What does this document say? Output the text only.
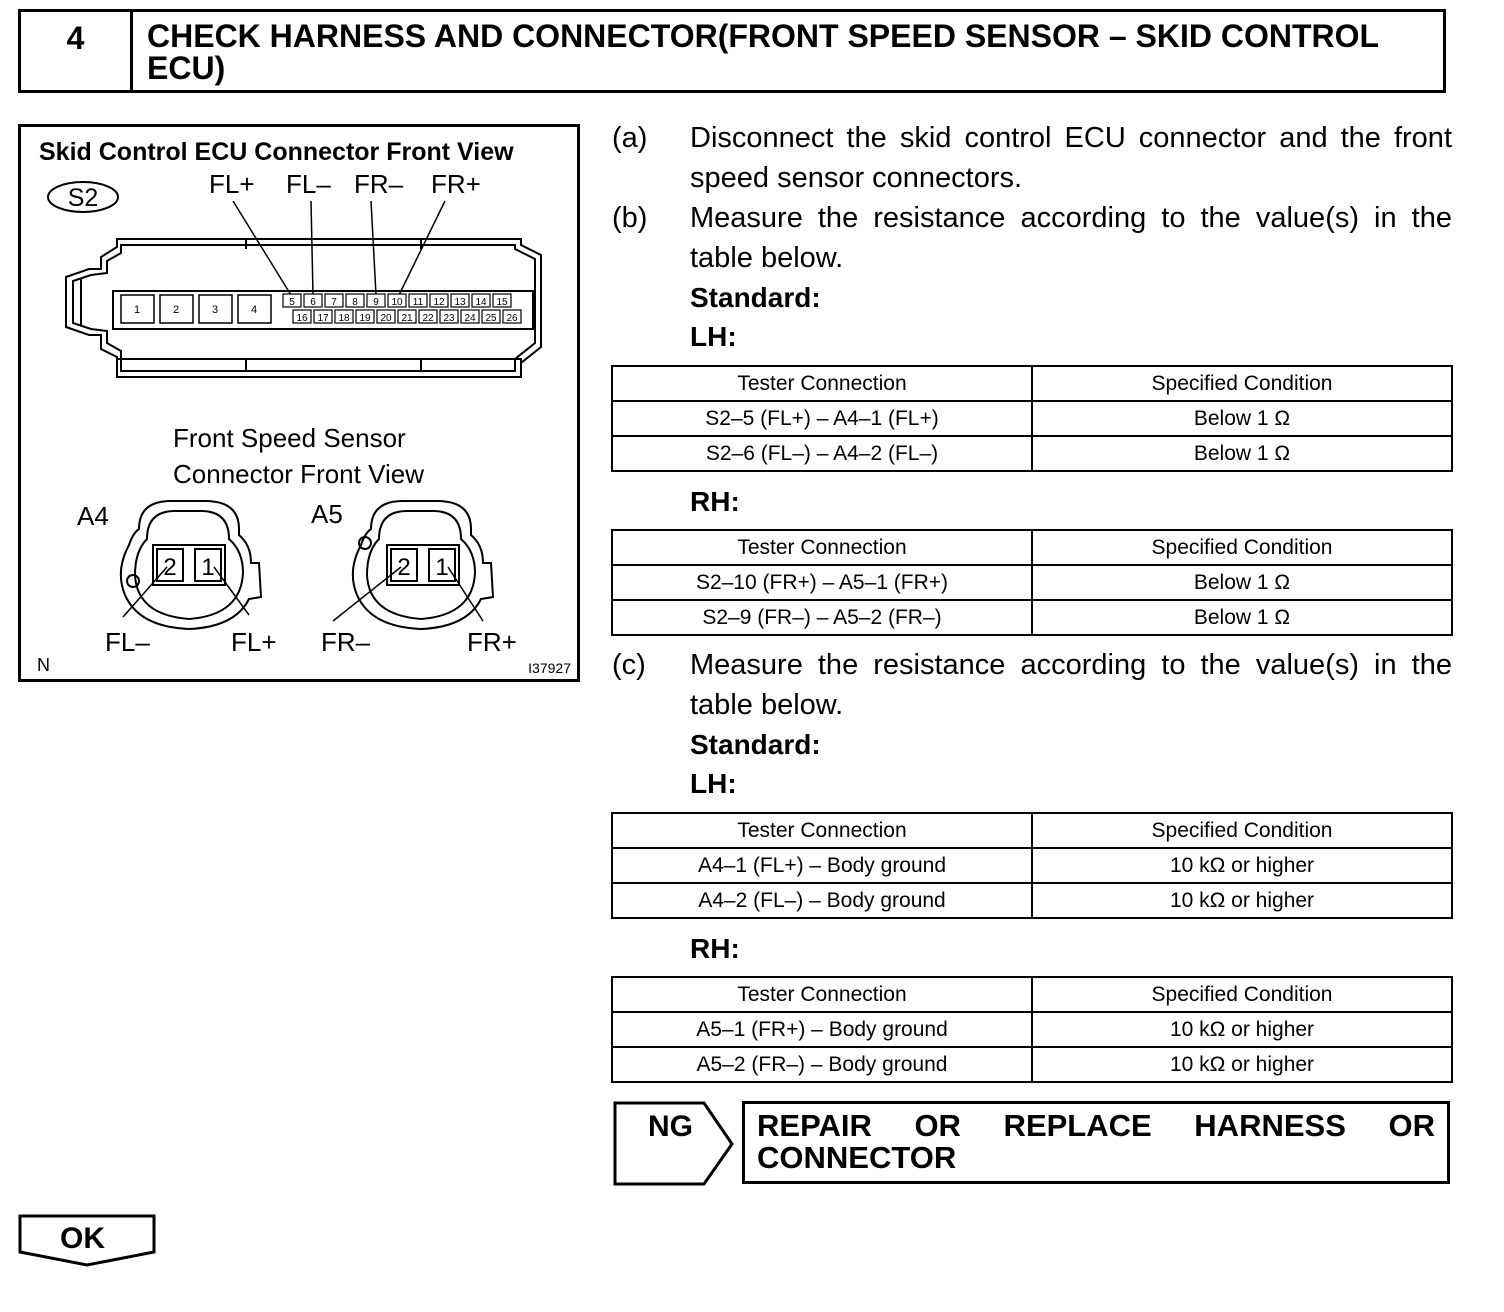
4	CHECK HARNESS AND CONNECTOR(FRONT SPEED SENSOR – SKID CONTROL ECU)
Skid Control ECU Connector Front View
S2	FL+ FL– FR– FR+
1	2	3	4
5 6 7 8 9 10 11 12 13 14 15
16 17 18 19 20 21 22 23 24 25 26
Front Speed Sensor
Connector Front View
A4
2 1
FL–	FL+
A5
2 1
FR–	FR+
N	I37927
(a) Disconnect the skid control ECU connector and the front speed sensor connectors.
(b) Measure the resistance according to the value(s) in the table below.
Standard:
LH:
Tester Connection	Specified Condition
S2–5 (FL+) – A4–1 (FL+)	Below 1 Ω
S2–6 (FL–) – A4–2 (FL–)	Below 1 Ω
RH:
Tester Connection	Specified Condition
S2–10 (FR+) – A5–1 (FR+)	Below 1 Ω
S2–9 (FR–) – A5–2 (FR–)	Below 1 Ω
(c) Measure the resistance according to the value(s) in the table below.
Standard:
LH:
Tester Connection	Specified Condition
A4–1 (FL+) – Body ground	10 kΩ or higher
A4–2 (FL–) – Body ground	10 kΩ or higher
RH:
Tester Connection	Specified Condition
A5–1 (FR+) – Body ground	10 kΩ or higher
A5–2 (FR–) – Body ground	10 kΩ or higher
NG REPAIR OR REPLACE HARNESS OR
CONNECTOR
OK
